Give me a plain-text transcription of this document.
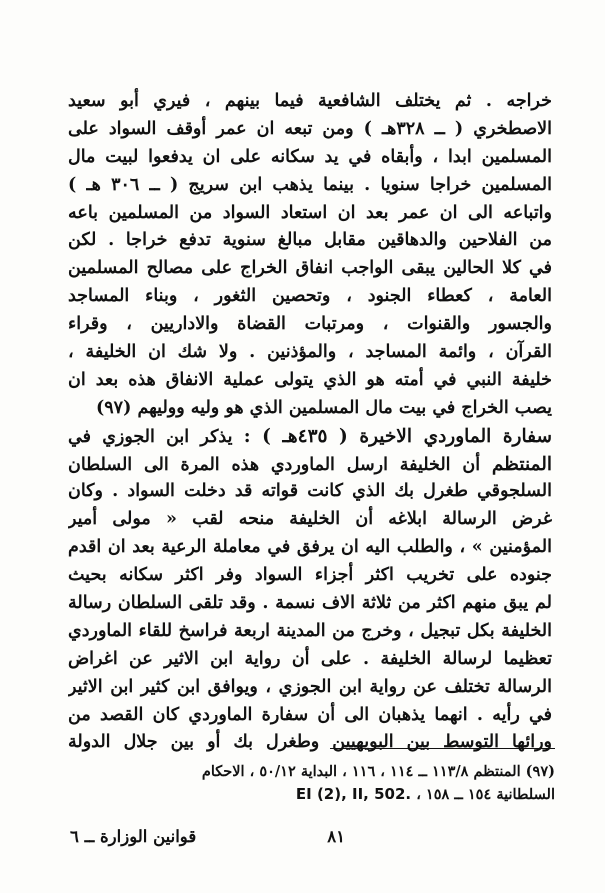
خراجه . ثم يختلف الشافعية فيما بينهم ، فيري أبو سعيد
الاصطخري ( ــ ٣٢٨هـ ) ومن تبعه ان عمر أوقف السواد على
المسلمين ابدا ، وأبقاه في يد سكانه على ان يدفعوا لبيت مال
المسلمين خراجا سنويا . بينما يذهب ابن سريج ( ــ ٣٠٦ هـ )
واتباعه الى ان عمر بعد ان استعاد السواد من المسلمين باعه
من الفلاحين والدهاقين مقابل مبالغ سنوية تدفع خراجا . لكن
في كلا الحالين يبقى الواجب انفاق الخراج على مصالح المسلمين
العامة ، كعطاء الجنود ، وتحصين الثغور ، وبناء المساجد
والجسور والقنوات ، ومرتبات القضاة والاداريين ، وقراء
القرآن ، وائمة المساجد ، والمؤذنين . ولا شك ان الخليفة ،
خليفة النبي في أمته هو الذي يتولى عملية الانفاق هذه بعد ان
يصب الخراج في بيت مال المسلمين الذي هو وليه ووليهم (٩٧)
سفارة الماوردي الاخيرة ( ٤٣٥هـ ) : يذكر ابن الجوزي في
المنتظم أن الخليفة ارسل الماوردي هذه المرة الى السلطان
السلجوقي طغرل بك الذي كانت قواته قد دخلت السواد . وكان
غرض الرسالة ابلاغه أن الخليفة منحه لقب « مولى أمير
المؤمنين » ، والطلب اليه ان يرفق في معاملة الرعية بعد ان اقدم
جنوده على تخريب اكثر أجزاء السواد وفر اكثر سكانه بحيث
لم يبق منهم اكثر من ثلاثة الاف نسمة . وقد تلقى السلطان رسالة
الخليفة بكل تبجيل ، وخرج من المدينة اربعة فراسخ للقاء الماوردي
تعظيما لرسالة الخليفة . على أن رواية ابن الاثير عن اغراض
الرسالة تختلف عن رواية ابن الجوزي ، ويوافق ابن كثير ابن الاثير
في رأيه . انهما يذهبان الى أن سفارة الماوردي كان القصد من
ورائها التوسط بين البويهيين وطغرل بك أو بين جلال الدولة
(٩٧) المنتظم ١١٣/٨ ــ ١١٤ ، ١١٦ ، البداية ٥٠/١٢ ، الاحكام
السلطانية ١٥٤ ــ ١٥٨ ، EI (2), II, 502.
٨١
قوانين الوزارة ــ ٦
